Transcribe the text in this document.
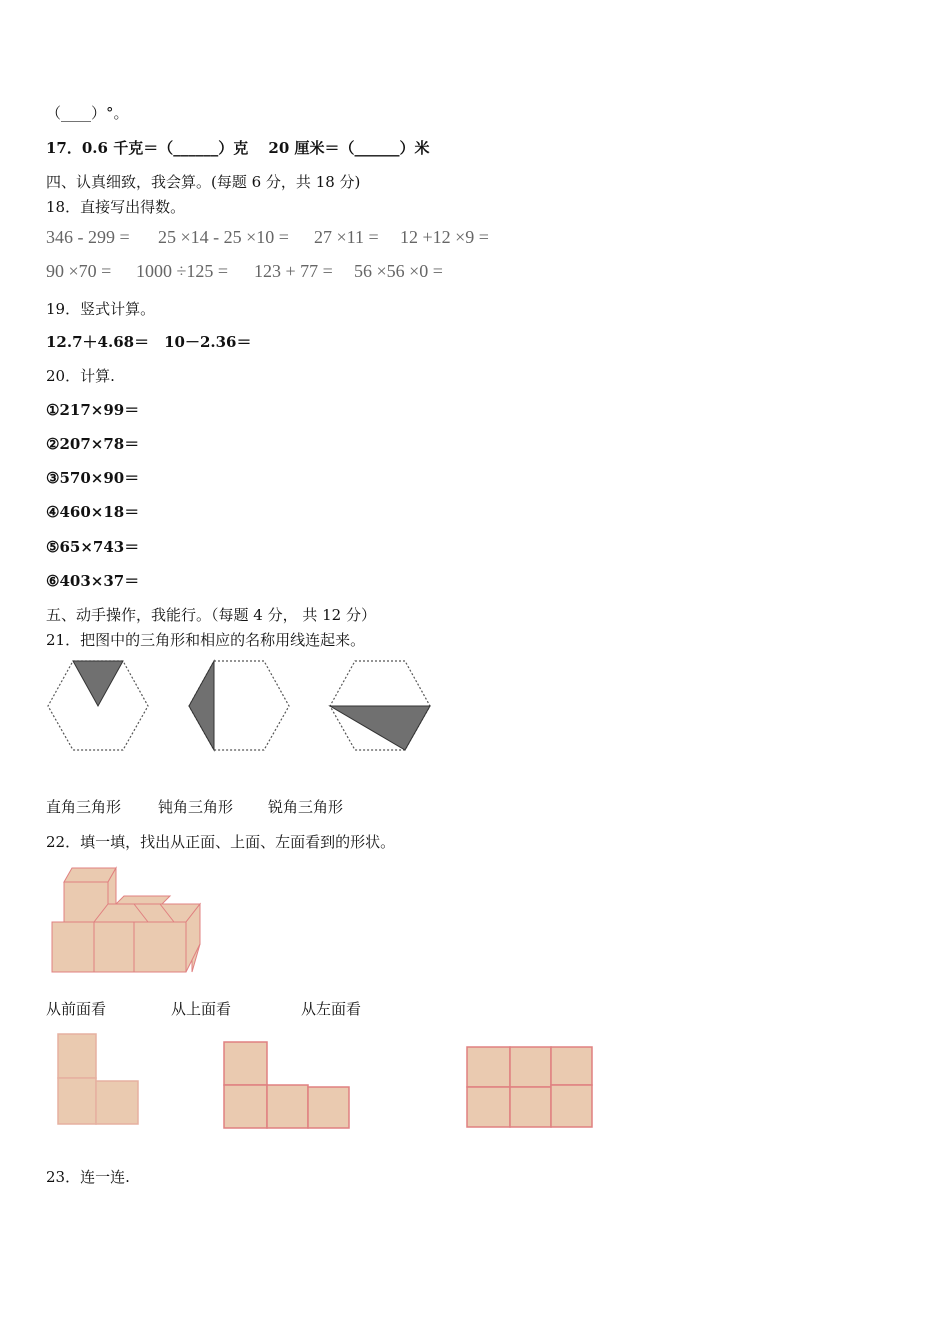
（____）°。
17．0.6 千克＝（______）克　 20 厘米＝（______）米
四、认真细致，我会算。(每题 6 分，共 18 分)
18．直接写出得数。
346 - 299 = 25 ×14 - 25 ×10 = 27 ×11 = 12 +12 ×9 =
90 ×70 = 1000 ÷125 = 123 + 77 = 56 ×56 ×0 =
19．竖式计算。
12.7＋4.68＝　10－2.36＝
20．计算.
①217×99＝
②207×78＝
③570×90＝
④460×18＝
⑤65×743＝
⑥403×37＝
五、动手操作，我能行。（每题 4 分， 共 12 分）
21．把图中的三角形和相应的名称用线连起来。
直角三角形 钝角三角形 锐角三角形
22．填一填，找出从正面、上面、左面看到的形状。
从前面看	从上面看	从左面看
23．连一连.
